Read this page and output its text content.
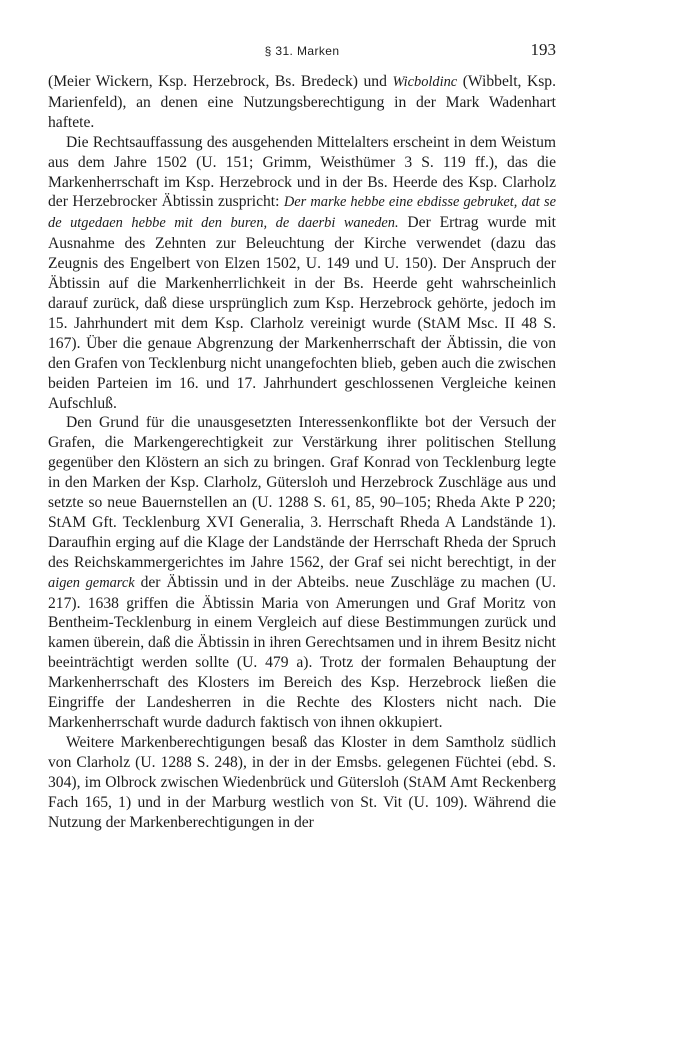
§ 31. Marken	193

(Meier Wickern, Ksp. Herzebrock, Bs. Bredeck) und Wicboldinc (Wibbelt, Ksp. Marienfeld), an denen eine Nutzungsberechtigung in der Mark Wadenhart haftete.

Die Rechtsauffassung des ausgehenden Mittelalters erscheint in dem Weistum aus dem Jahre 1502 (U. 151; Grimm, Weisthümer 3 S. 119 ff.), das die Markenherrschaft im Ksp. Herzebrock und in der Bs. Heerde des Ksp. Clarholz der Herzebrocker Äbtissin zuspricht: Der marke hebbe eine ebdisse gebruket, dat se de utgedaen hebbe mit den buren, de daerbi waneden. Der Ertrag wurde mit Ausnahme des Zehnten zur Beleuchtung der Kirche verwendet (dazu das Zeugnis des Engelbert von Elzen 1502, U. 149 und U. 150). Der Anspruch der Äbtissin auf die Markenherrlichkeit in der Bs. Heerde geht wahrscheinlich darauf zurück, daß diese ursprünglich zum Ksp. Herzebrock gehörte, jedoch im 15. Jahrhundert mit dem Ksp. Clarholz vereinigt wurde (StAM Msc. II 48 S. 167). Über die genaue Abgrenzung der Markenherrschaft der Äbtissin, die von den Grafen von Tecklenburg nicht unangefochten blieb, geben auch die zwischen beiden Parteien im 16. und 17. Jahrhundert geschlossenen Vergleiche keinen Aufschluß.

Den Grund für die unausgesetzten Interessenkonflikte bot der Versuch der Grafen, die Markengerechtigkeit zur Verstärkung ihrer politischen Stellung gegenüber den Klöstern an sich zu bringen. Graf Konrad von Tecklenburg legte in den Marken der Ksp. Clarholz, Gütersloh und Herzebrock Zuschläge aus und setzte so neue Bauernstellen an (U. 1288 S. 61, 85, 90–105; Rheda Akte P 220; StAM Gft. Tecklenburg XVI Generalia, 3. Herrschaft Rheda A Landstände 1). Daraufhin erging auf die Klage der Landstände der Herrschaft Rheda der Spruch des Reichskammergerichtes im Jahre 1562, der Graf sei nicht berechtigt, in der aigen gemarck der Äbtissin und in der Abteibs. neue Zuschläge zu machen (U. 217). 1638 griffen die Äbtissin Maria von Amerungen und Graf Moritz von Bentheim-Tecklenburg in einem Vergleich auf diese Bestimmungen zurück und kamen überein, daß die Äbtissin in ihren Gerechtsamen und in ihrem Besitz nicht beeinträchtigt werden sollte (U. 479 a). Trotz der formalen Behauptung der Markenherrschaft des Klosters im Bereich des Ksp. Herzebrock ließen die Eingriffe der Landesherren in die Rechte des Klosters nicht nach. Die Markenherrschaft wurde dadurch faktisch von ihnen okkupiert.

Weitere Markenberechtigungen besaß das Kloster in dem Samtholz südlich von Clarholz (U. 1288 S. 248), in der in der Emsbs. gelegenen Füchtei (ebd. S. 304), im Olbrock zwischen Wiedenbrück und Gütersloh (StAM Amt Reckenberg Fach 165, 1) und in der Marburg westlich von St. Vit (U. 109). Während die Nutzung der Markenberechtigungen in der
